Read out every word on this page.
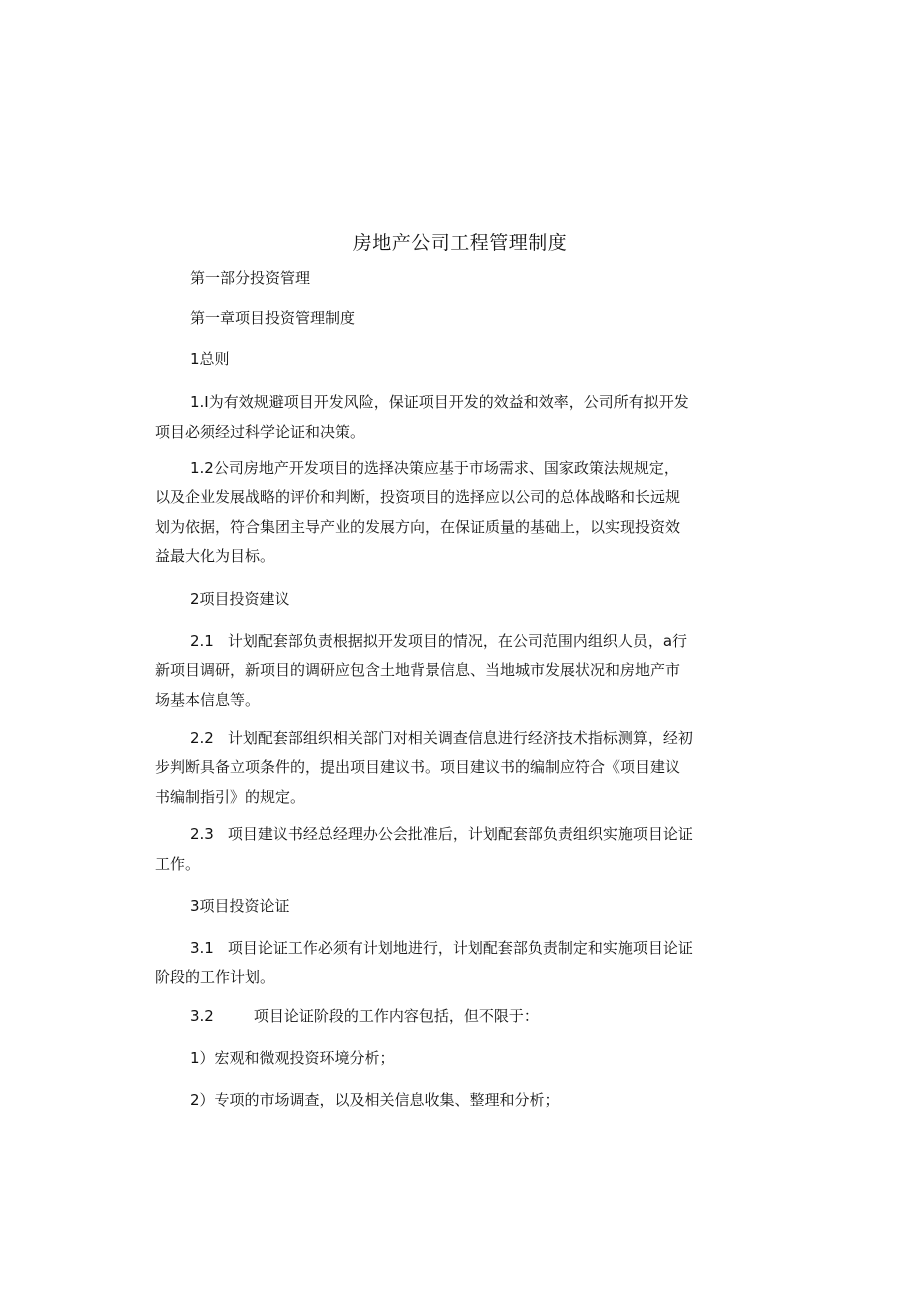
房地产公司工程管理制度
第一部分投资管理
第一章项目投资管理制度
1总则
1.I为有效规避项目开发风险，保证项目开发的效益和效率，公司所有拟开发
项目必须经过科学论证和决策。
1.2公司房地产开发项目的选择决策应基于市场需求、国家政策法规规定，
以及企业发展战略的评价和判断，投资项目的选择应以公司的总体战略和长远规
划为依据，符合集团主导产业的发展方向，在保证质量的基础上，以实现投资效
益最大化为目标。
2项目投资建议
2.1 计划配套部负责根据拟开发项目的情况，在公司范围内组织人员，a行
新项目调研，新项目的调研应包含土地背景信息、当地城市发展状况和房地产市
场基本信息等。
2.2 计划配套部组织相关部门对相关调查信息进行经济技术指标测算，经初
步判断具备立项条件的，提出项目建议书。项目建议书的编制应符合《项目建议
书编制指引》的规定。
2.3 项目建议书经总经理办公会批准后，计划配套部负责组织实施项目论证
工作。
3项目投资论证
3.1 项目论证工作必须有计划地进行，计划配套部负责制定和实施项目论证
阶段的工作计划。
3.2	项目论证阶段的工作内容包括，但不限于：
1）宏观和微观投资环境分析；
2）专项的市场调查，以及相关信息收集、整理和分析；
